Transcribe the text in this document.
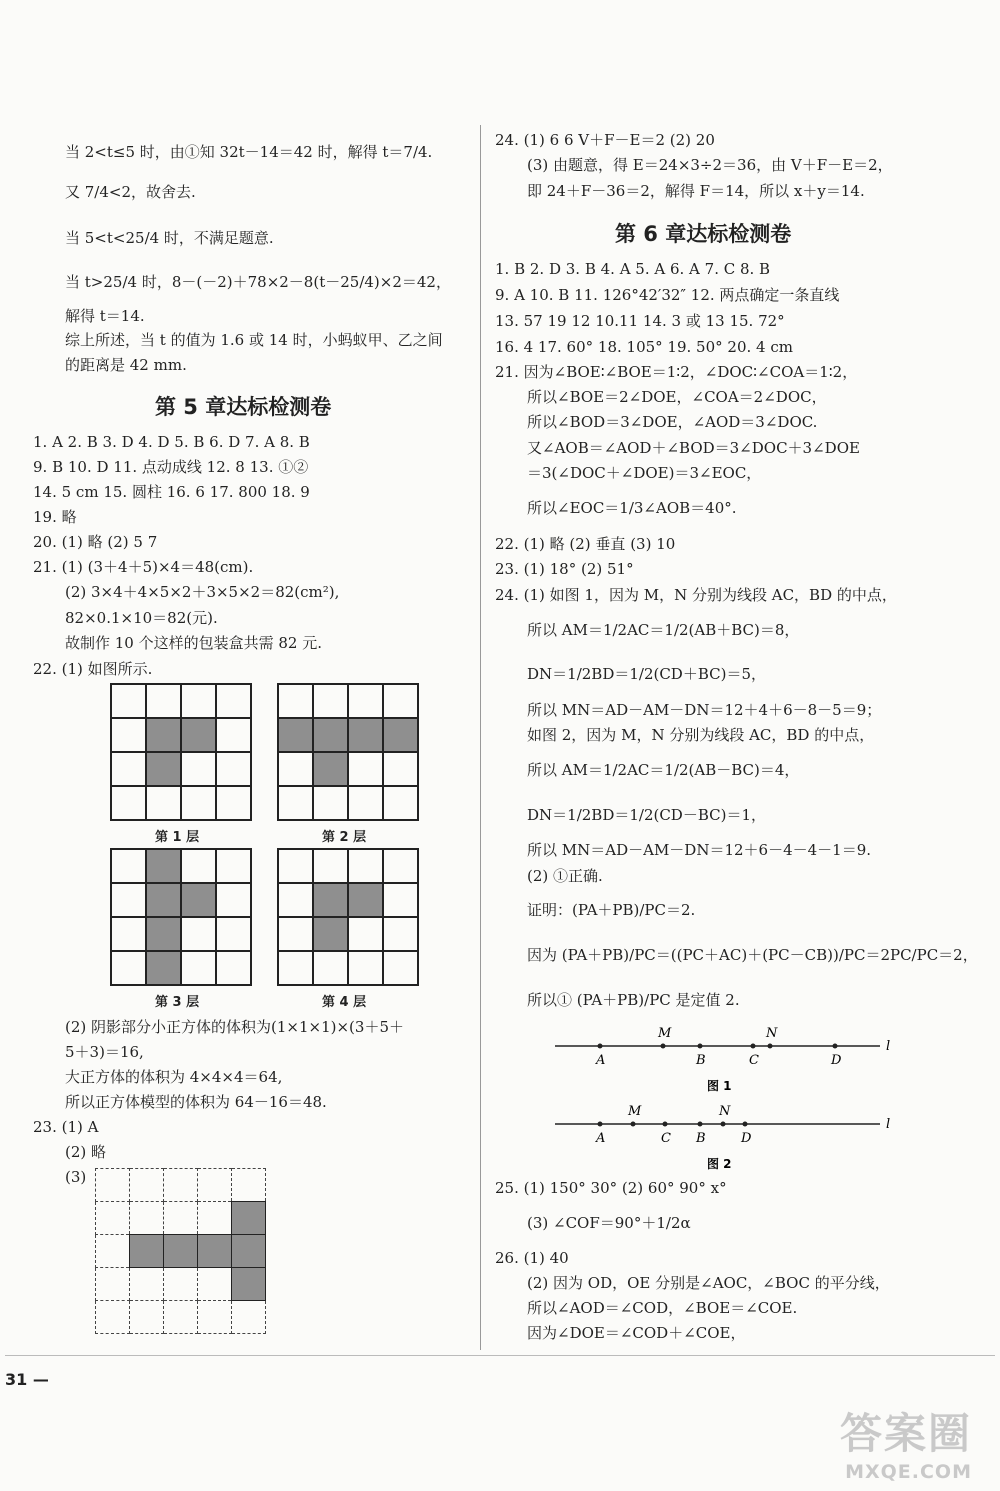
当 2<t≤5 时，由①知 32t－14＝42 时，解得 t＝7/4.
又 7/4<2，故舍去.
当 5<t<25/4 时，不满足题意.
当 t>25/4 时，8－(－2)＋78×2－8(t－25/4)×2＝42，
解得 t＝14.
综上所述，当 t 的值为 1.6 或 14 时，小蚂蚁甲、乙之间
的距离是 42 mm.
第 5 章达标检测卷
1. A 2. B 3. D 4. D 5. B 6. D 7. A 8. B
9. B 10. D 11. 点动成线 12. 8 13. ①②
14. 5 cm 15. 圆柱 16. 6 17. 800 18. 9
19. 略
20. (1) 略 (2) 5 7
21. (1) (3＋4＋5)×4＝48(cm).
(2) 3×4＋4×5×2＋3×5×2＝82(cm²),
82×0.1×10＝82(元).
故制作 10 个这样的包装盒共需 82 元.
22. (1) 如图所示.

第 1 层

				第 2 层

第 3 层

				第 4 层
(2) 阴影部分小正方体的体积为(1×1×1)×(3＋5＋
5＋3)＝16,
大正方体的体积为 4×4×4＝64,
所以正方体模型的体积为 64－16＝48.
23. (1) A
(2) 略
(3)

24. (1) 6 6 V＋F－E＝2 (2) 20
(3) 由题意，得 E＝24×3÷2＝36，由 V＋F－E＝2，
即 24＋F－36＝2，解得 F＝14，所以 x＋y＝14.
第 6 章达标检测卷
1. B 2. D 3. B 4. A 5. A 6. A 7. C 8. B
9. A 10. B 11. 126°42′32″ 12. 两点确定一条直线
13. 57 19 12 10.11 14. 3 或 13 15. 72°
16. 4 17. 60° 18. 105° 19. 50° 20. 4 cm
21. 因为∠BOE∶∠BOE＝1∶2，∠DOC∶∠COA＝1∶2，
所以∠BOE＝2∠DOE，∠COA＝2∠DOC，
所以∠BOD＝3∠DOE，∠AOD＝3∠DOC.
又∠AOB＝∠AOD＋∠BOD＝3∠DOC＋3∠DOE
＝3(∠DOC＋∠DOE)＝3∠EOC，
所以∠EOC＝1/3∠AOB＝40°.
22. (1) 略 (2) 垂直 (3) 10
23. (1) 18° (2) 51°
24. (1) 如图 1，因为 M，N 分别为线段 AC，BD 的中点，
所以 AM＝1/2AC＝1/2(AB＋BC)＝8，
DN＝1/2BD＝1/2(CD＋BC)＝5，
所以 MN＝AD－AM－DN＝12＋4＋6－8－5＝9；
如图 2，因为 M，N 分别为线段 AC，BD 的中点，
所以 AM＝1/2AC＝1/2(AB－BC)＝4，
DN＝1/2BD＝1/2(CD－BC)＝1，
所以 MN＝AD－AM－DN＝12＋6－4－4－1＝9.
(2) ①正确.
证明：(PA＋PB)/PC＝2.
因为 (PA＋PB)/PC＝((PC＋AC)＋(PC－CB))/PC＝2PC/PC＝2，
所以① (PA＋PB)/PC 是定值 2.
M	N
A	B	C	D
l
图 1
M	N
A	C B	D
l
图 2
25. (1) 150° 30° (2) 60° 90° x°
(3) ∠COF＝90°＋1/2α
26. (1) 40
(2) 因为 OD，OE 分别是∠AOC，∠BOC 的平分线，
所以∠AOD＝∠COD，∠BOE＝∠COE.
因为∠DOE＝∠COD＋∠COE，
31 —
答案圈
MXQE.COM
